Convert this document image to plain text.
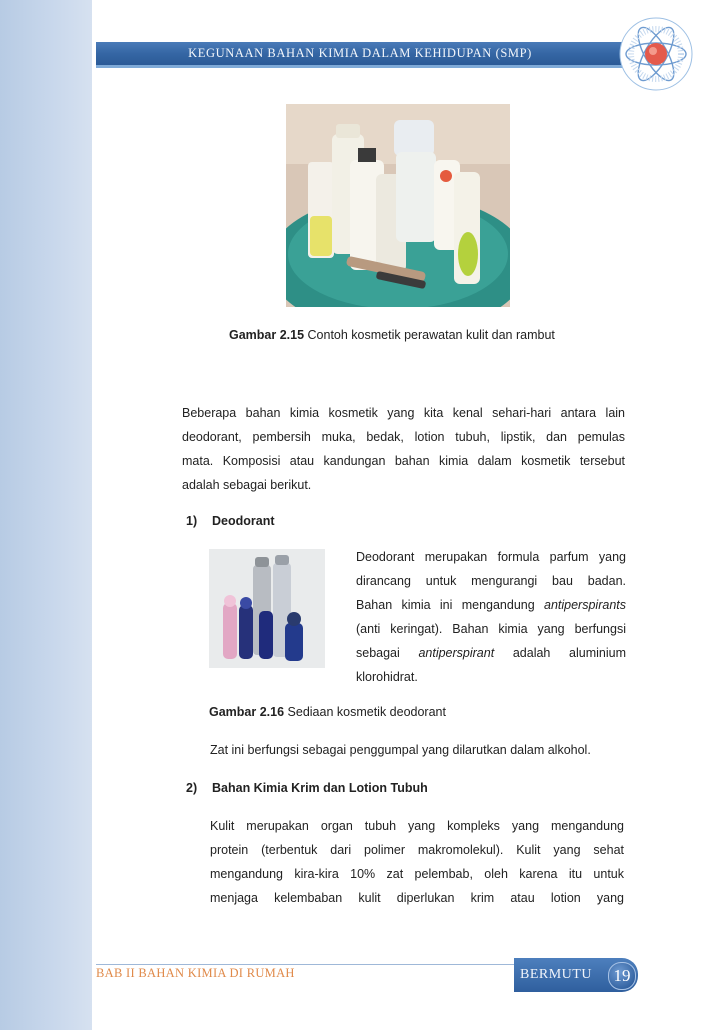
KEGUNAAN BAHAN KIMIA DALAM KEHIDUPAN (SMP)
Gambar 2.15 Contoh kosmetik perawatan kulit dan rambut
Beberapa bahan kimia kosmetik yang kita kenal sehari-hari antara lain
deodorant, pembersih muka, bedak, lotion tubuh, lipstik, dan pemulas
mata. Komposisi atau kandungan bahan kimia dalam kosmetik tersebut
adalah sebagai berikut.
1) Deodorant
Deodorant merupakan formula parfum yang
dirancang untuk mengurangi bau badan.
Bahan kimia ini mengandung antiperspirants
(anti keringat). Bahan kimia yang berfungsi
sebagai antiperspirant adalah aluminium
klorohidrat.
Gambar 2.16 Sediaan kosmetik deodorant
Zat ini berfungsi sebagai penggumpal yang dilarutkan dalam alkohol.
2) Bahan Kimia Krim dan Lotion Tubuh
Kulit merupakan organ tubuh yang kompleks yang mengandung
protein (terbentuk dari polimer makromolekul). Kulit yang sehat
mengandung kira-kira 10% zat pelembab, oleh karena itu untuk
menjaga kelembaban kulit diperlukan krim atau lotion yang
BAB II BAHAN KIMIA DI RUMAH	BERMUTU	19
